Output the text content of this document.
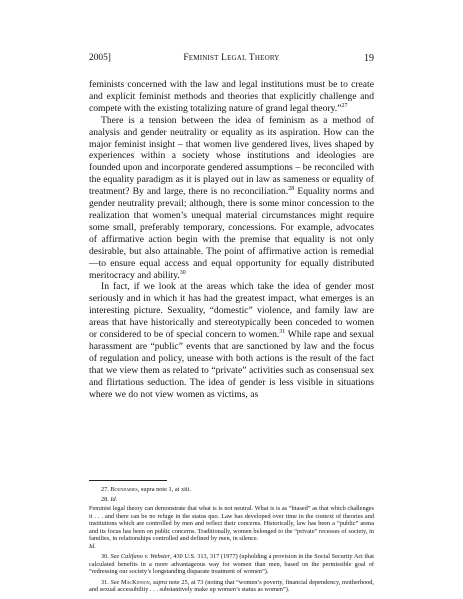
2005]	Feminist Legal Theory	19

feminists concerned with the law and legal institutions must be to create and explicit feminist methods and theories that explicitly challenge and compete with the existing totalizing nature of grand legal theory.”$^{27}$

There is a tension between the idea of feminism as a method of analysis and gender neutrality or equality as its aspiration. How can the major feminist insight – that women live gendered lives, lives shaped by experiences within a society whose institutions and ideologies are founded upon and incorporate gendered assumptions – be reconciled with the equality paradigm as it is played out in law as sameness or equality of treatment? By and large, there is no reconciliation.$^{28}$ Equality norms and gender neutrality prevail; although, there is some minor concession to the realization that women’s unequal material circumstances might require some small, preferably temporary, concessions. For example, advocates of affirmative action begin with the premise that equality is not only desirable, but also attainable. The point of affirmative action is remedial—to ensure equal access and equal opportunity for equally distributed meritocracy and ability.$^{30}$

In fact, if we look at the areas which take the idea of gender most seriously and in which it has had the greatest impact, what emerges is an interesting picture. Sexuality, “domestic” violence, and family law are areas that have historically and stereotypically been conceded to women or considered to be of special concern to women.$^{31}$ While rape and sexual harassment are “public” events that are sanctioned by law and the focus of regulation and policy, unease with both actions is the result of the fact that we view them as related to “private” activities such as consensual sex and flirtatious seduction. The idea of gender is less visible in situations where we do not view women as victims, as

27. Boundaries, supra note 1, at xiii.

28. Id.

Feminist legal theory can demonstrate that what is is not neutral. What is is as “biased” as that which challenges it . . . and there can be no refuge in the status quo. Law has developed over time in the context of theories and institutions which are controlled by men and reflect their concerns. Historically, law has been a “public” arena and its focus has been on public concerns. Traditionally, women belonged to the “private” recesses of society, in families, in relationships controlled and defined by men, in silence.

Id.

30. See Califano v. Webster, 430 U.S. 313, 317 (1977) (upholding a provision in the Social Security Act that calculated benefits in a more advantageous way for women than men, based on the permissible goal of “redressing our society’s longstanding disparate treatment of women”).

31. See MacKinnon, supra note 25, at 73 (noting that “women’s poverty, financial dependency, motherhood, and sexual accessibility . . . substantively make up women’s status as women”).
